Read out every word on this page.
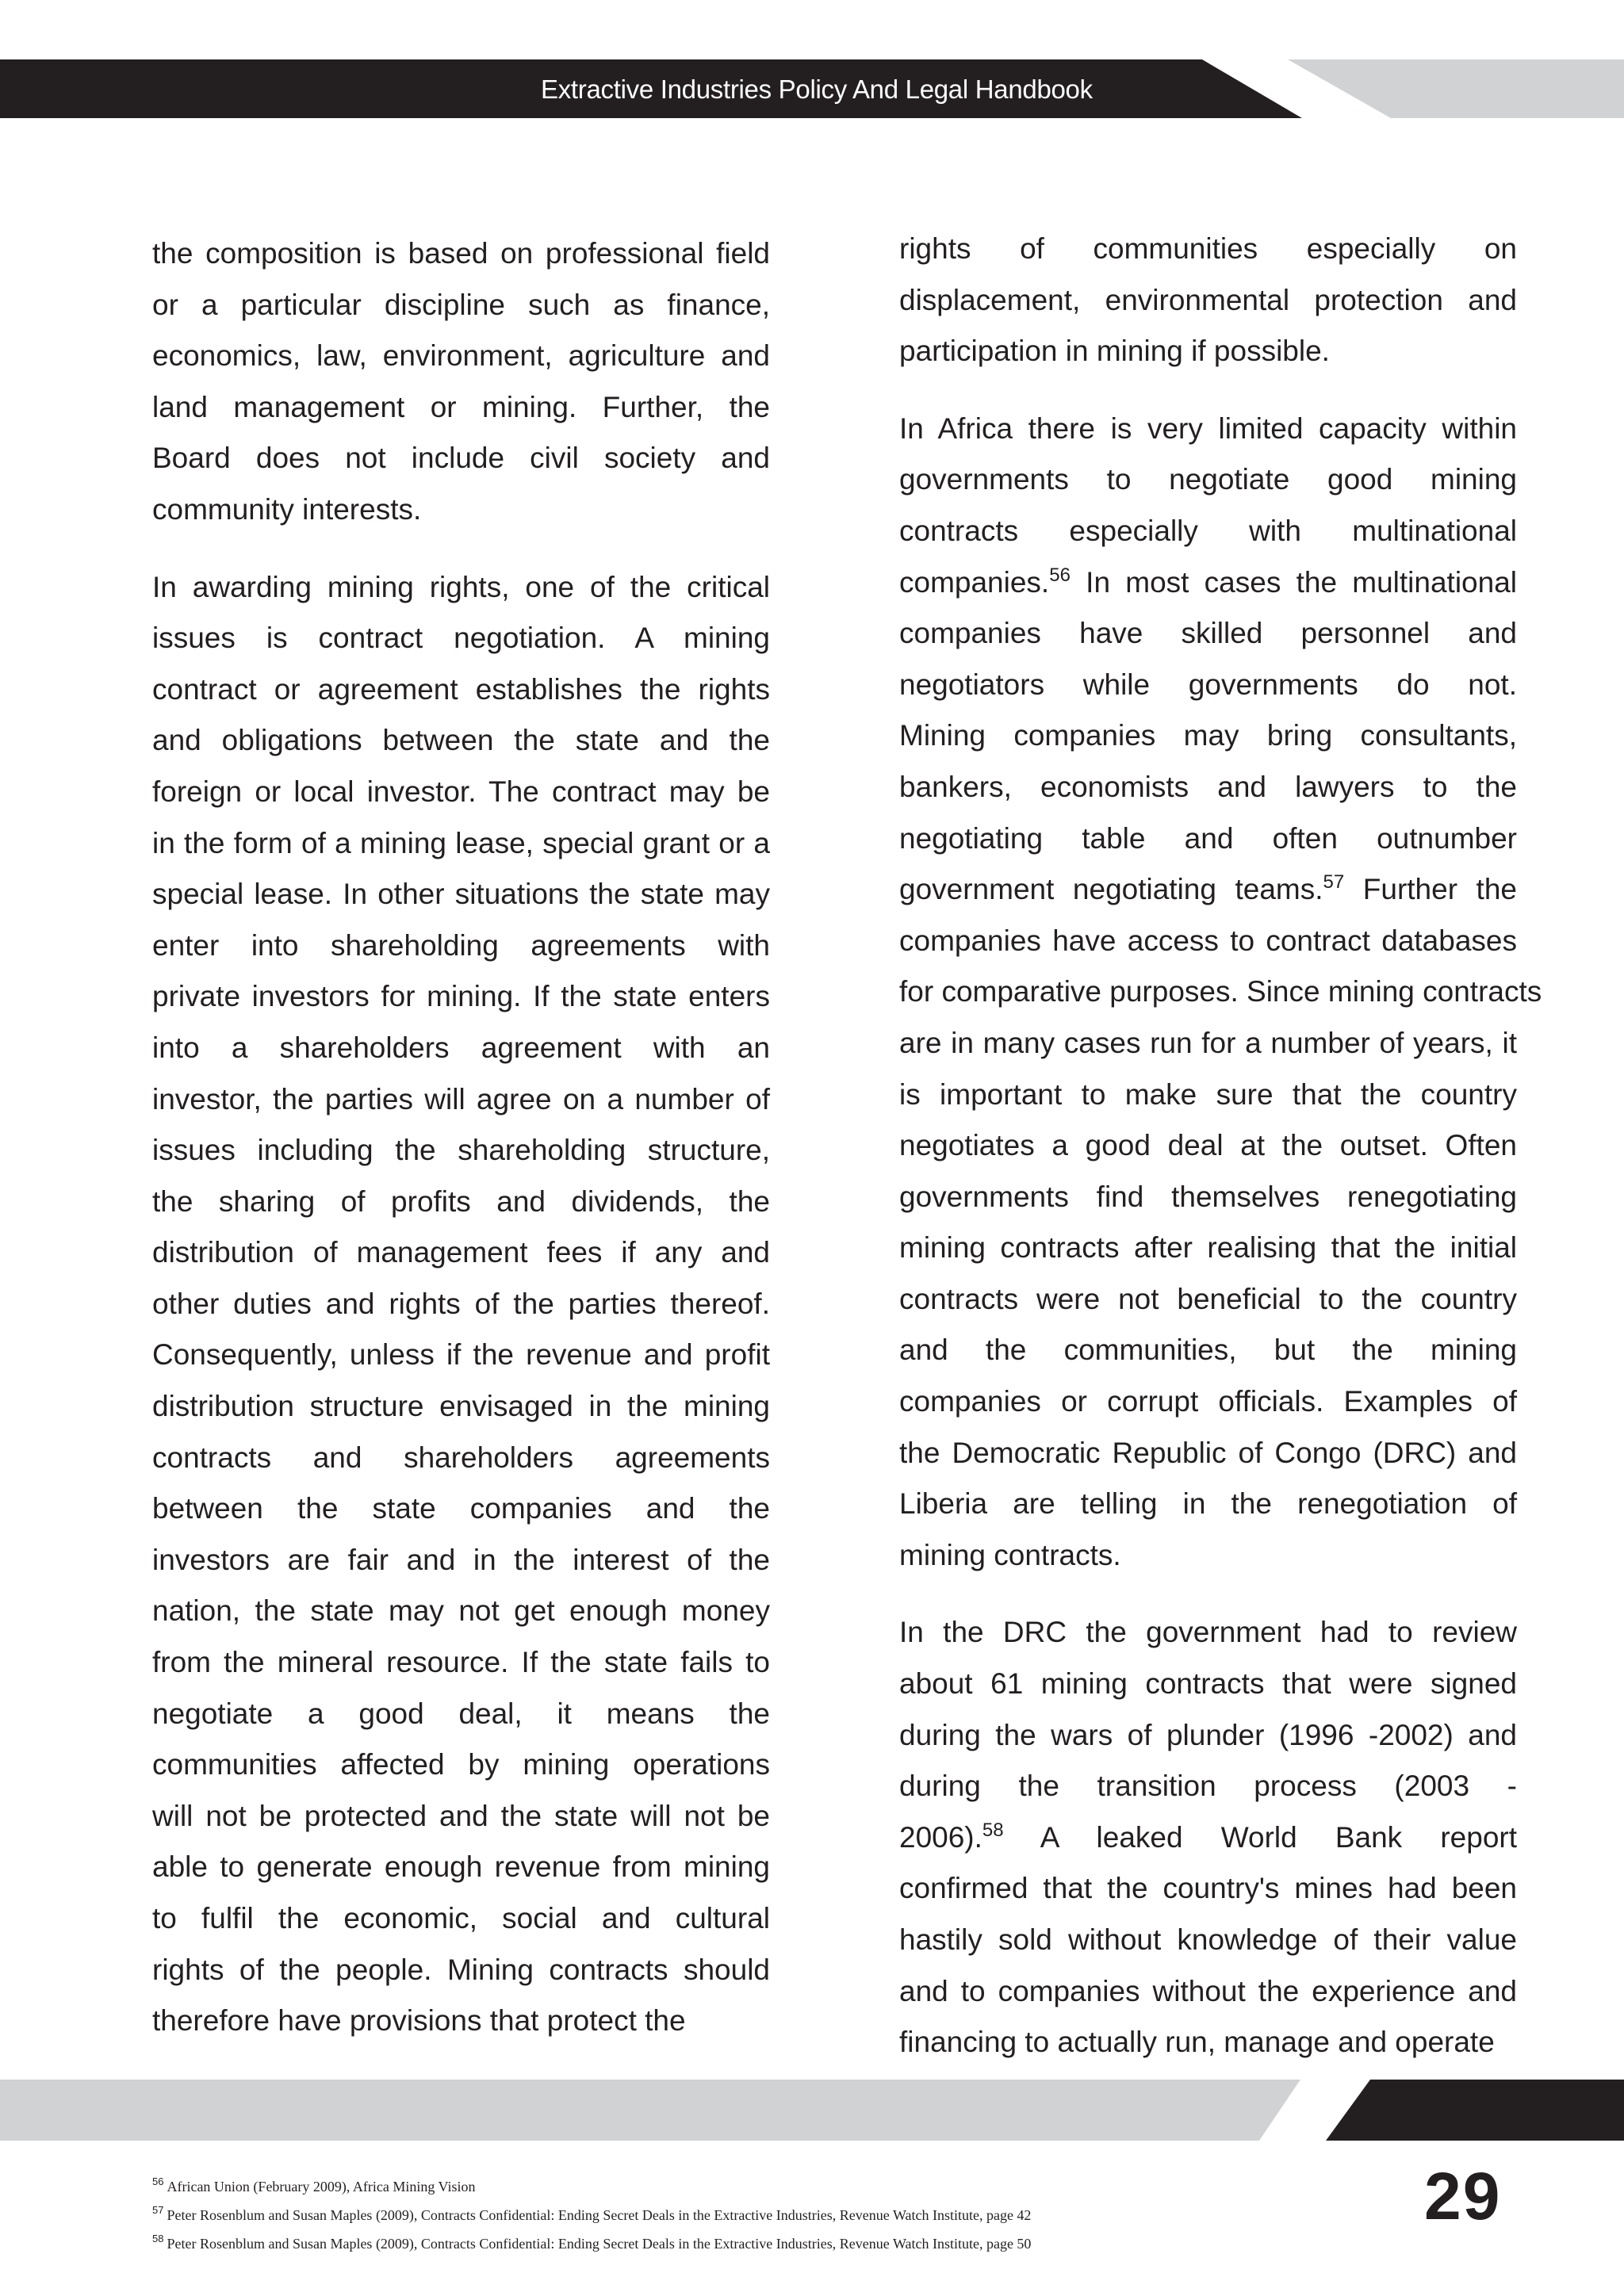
Extractive Industries Policy And Legal Handbook
the composition is based on professional field
or a particular discipline such as finance,
economics, law, environment, agriculture and
land management or mining. Further, the
Board does not include civil society and
community interests.
In awarding mining rights, one of the critical
issues is contract negotiation. A mining
contract or agreement establishes the rights
and obligations between the state and the
foreign or local investor. The contract may be
in the form of a mining lease, special grant or a
special lease. In other situations the state may
enter into shareholding agreements with
private investors for mining. If the state enters
into a shareholders agreement with an
investor, the parties will agree on a number of
issues including the shareholding structure,
the sharing of profits and dividends, the
distribution of management fees if any and
other duties and rights of the parties thereof.
Consequently, unless if the revenue and profit
distribution structure envisaged in the mining
contracts and shareholders agreements
between the state companies and the
investors are fair and in the interest of the
nation, the state may not get enough money
from the mineral resource. If the state fails to
negotiate a good deal, it means the
communities affected by mining operations
will not be protected and the state will not be
able to generate enough revenue from mining
to fulfil the economic, social and cultural
rights of the people. Mining contracts should
therefore have provisions that protect the
rights of communities especially on
displacement, environmental protection and
participation in mining if possible.
In Africa there is very limited capacity within
governments to negotiate good mining
contracts especially with multinational
companies.$^{56}$ In most cases the multinational
companies have skilled personnel and
negotiators while governments do not.
Mining companies may bring consultants,
bankers, economists and lawyers to the
negotiating table and often outnumber
government negotiating teams.$^{57}$ Further the
companies have access to contract databases
for comparative purposes. Since mining contracts
are in many cases run for a number of years, it
is important to make sure that the country
negotiates a good deal at the outset. Often
governments find themselves renegotiating
mining contracts after realising that the initial
contracts were not beneficial to the country
and the communities, but the mining
companies or corrupt officials. Examples of
the Democratic Republic of Congo (DRC) and
Liberia are telling in the renegotiation of
mining contracts.
In the DRC the government had to review
about 61 mining contracts that were signed
during the wars of plunder (1996 -2002) and
during the transition process (2003 -
2006).$^{58}$ A leaked World Bank report
confirmed that the country's mines had been
hastily sold without knowledge of their value
and to companies without the experience and
financing to actually run, manage and operate
$^{56}$ African Union (February 2009), Africa Mining Vision
$^{57}$ Peter Rosenblum and Susan Maples (2009), Contracts Confidential: Ending Secret Deals in the Extractive Industries, Revenue Watch Institute, page 42
$^{58}$ Peter Rosenblum and Susan Maples (2009), Contracts Confidential: Ending Secret Deals in the Extractive Industries, Revenue Watch Institute, page 50
29
